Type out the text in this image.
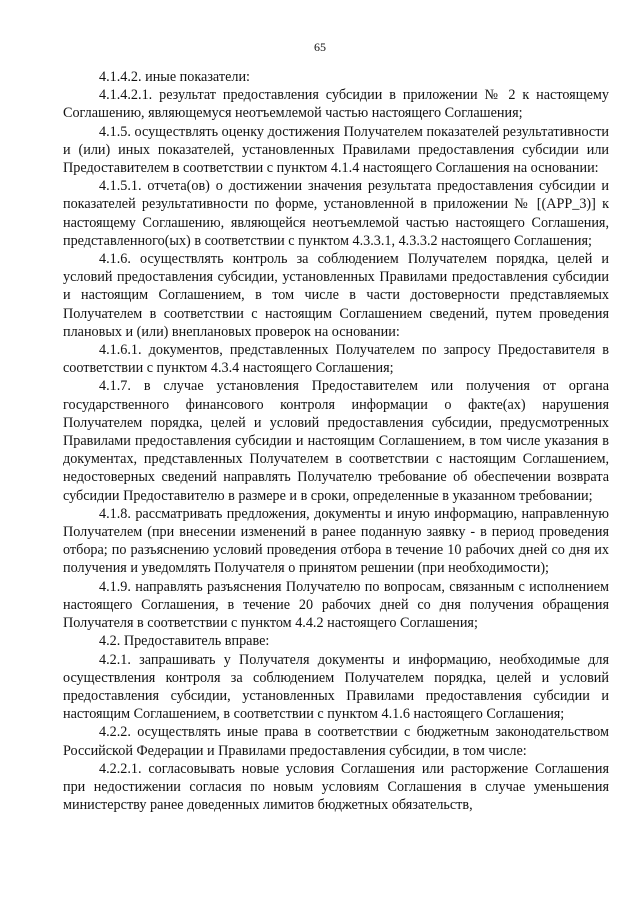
65

4.1.4.2. иные показатели:

4.1.4.2.1. результат предоставления субсидии в приложении № 2 к настоящему Соглашению, являющемуся неотъемлемой частью настоящего Соглашения;

4.1.5. осуществлять оценку достижения Получателем показателей результативности и (или) иных показателей, установленных Правилами предоставления субсидии или Предоставителем в соответствии с пунктом 4.1.4 настоящего Соглашения на основании:

4.1.5.1. отчета(ов) о достижении значения результата предоставления субсидии и показателей результативности по форме, установленной в приложении № [(APP_3)] к настоящему Соглашению, являющейся неотъемлемой частью настоящего Соглашения, представленного(ых) в соответствии с пунктом 4.3.3.1, 4.3.3.2 настоящего Соглашения;

4.1.6. осуществлять контроль за соблюдением Получателем порядка, целей и условий предоставления субсидии, установленных Правилами предоставления субсидии и настоящим Соглашением, в том числе в части достоверности представляемых Получателем в соответствии с настоящим Соглашением сведений, путем проведения плановых и (или) внеплановых проверок на основании:

4.1.6.1. документов, представленных Получателем по запросу Предоставителя в соответствии с пунктом 4.3.4 настоящего Соглашения;

4.1.7. в случае установления Предоставителем или получения от органа государственного финансового контроля информации о факте(ах) нарушения Получателем порядка, целей и условий предоставления субсидии, предусмотренных Правилами предоставления субсидии и настоящим Соглашением, в том числе указания в документах, представленных Получателем в соответствии с настоящим Соглашением, недостоверных сведений направлять Получателю требование об обеспечении возврата субсидии Предоставителю в размере и в сроки, определенные в указанном требовании;

4.1.8. рассматривать предложения, документы и иную информацию, направленную Получателем (при внесении изменений в ранее поданную заявку - в период проведения отбора; по разъяснению условий проведения отбора в течение 10 рабочих дней со дня их получения и уведомлять Получателя о принятом решении (при необходимости);

4.1.9. направлять разъяснения Получателю по вопросам, связанным с исполнением настоящего Соглашения, в течение 20 рабочих дней со дня получения обращения Получателя в соответствии с пунктом 4.4.2 настоящего Соглашения;

4.2. Предоставитель вправе:

4.2.1. запрашивать у Получателя документы и информацию, необходимые для осуществления контроля за соблюдением Получателем порядка, целей и условий предоставления субсидии, установленных Правилами предоставления субсидии и настоящим Соглашением, в соответствии с пунктом 4.1.6 настоящего Соглашения;

4.2.2. осуществлять иные права в соответствии с бюджетным законодательством Российской Федерации и Правилами предоставления субсидии, в том числе:

4.2.2.1. согласовывать новые условия Соглашения или расторжение Соглашения при недостижении согласия по новым условиям Соглашения в случае уменьшения министерству ранее доведенных лимитов бюджетных обязательств,
